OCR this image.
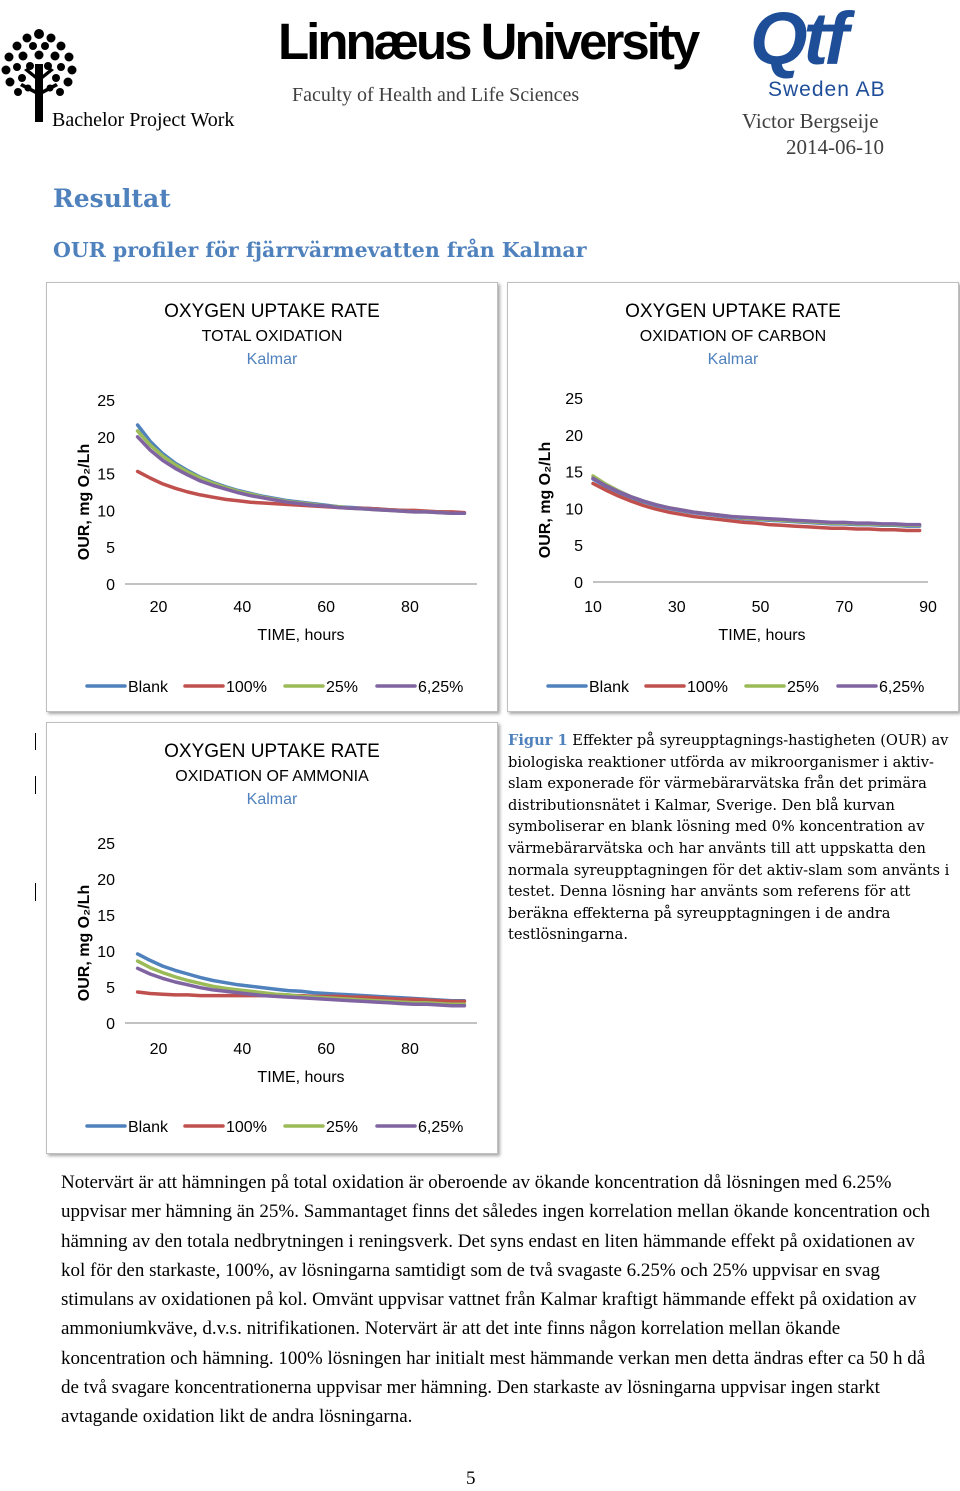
Linnæus University
Faculty of Health and Life Sciences
Bachelor Project Work
Qtf
Sweden AB
Victor Bergseije
2014-06-10
Resultat
OUR profiler för fjärrvärmevatten från Kalmar
OXYGEN UPTAKE RATE
TOTAL OXIDATION
Kalmar
OUR, mg O₂/Lh
0
5
10
15
20
25
20	40	60	80
TIME, hours
Blank	100%	25%	6,25%
OXYGEN UPTAKE RATE
OXIDATION OF CARBON
Kalmar
OUR, mg O₂/Lh
0
5
10
15
20
25
10	30	50	70	90
TIME, hours
Blank	100%	25%	6,25%
OXYGEN UPTAKE RATE
OXIDATION OF AMMONIA
Kalmar
OUR, mg O₂/Lh
0
5
10
15
20
25
20	40	60	80
TIME, hours
Blank	100%	25%	6,25%
Figur 1 Effekter på syreupptagnings-hastigheten (OUR) av biologiska reaktioner utförda av mikroorganismer i aktiv-slam exponerade för värmebärarvätska från det primära distributionsnätet i Kalmar, Sverige. Den blå kurvan symboliserar en blank lösning med 0% koncentration av värmebärarvätska och har använts till att uppskatta den normala syreupptagningen för det aktiv-slam som använts i testet. Denna lösning har använts som referens för att beräkna effekterna på syreupptagningen i de andra testlösningarna.

Notervärt är att hämningen på total oxidation är oberoende av ökande koncentration då lösningen med 6.25% uppvisar mer hämning än 25%. Sammantaget finns det således ingen korrelation mellan ökande koncentration och hämning av den totala nedbrytningen i reningsverk. Det syns endast en liten hämmande effekt på oxidationen av kol för den starkaste, 100%, av lösningarna samtidigt som de två svagaste 6.25% och 25% uppvisar en svag stimulans av oxidationen på kol. Omvänt uppvisar vattnet från Kalmar kraftigt hämmande effekt på oxidation av ammoniumkväve, d.v.s. nitrifikationen. Notervärt är att det inte finns någon korrelation mellan ökande koncentration och hämning. 100% lösningen har initialt mest hämmande verkan men detta ändras efter ca 50 h då de två svagare koncentrationerna uppvisar mer hämning. Den starkaste av lösningarna uppvisar ingen starkt avtagande oxidation likt de andra lösningarna.

5
